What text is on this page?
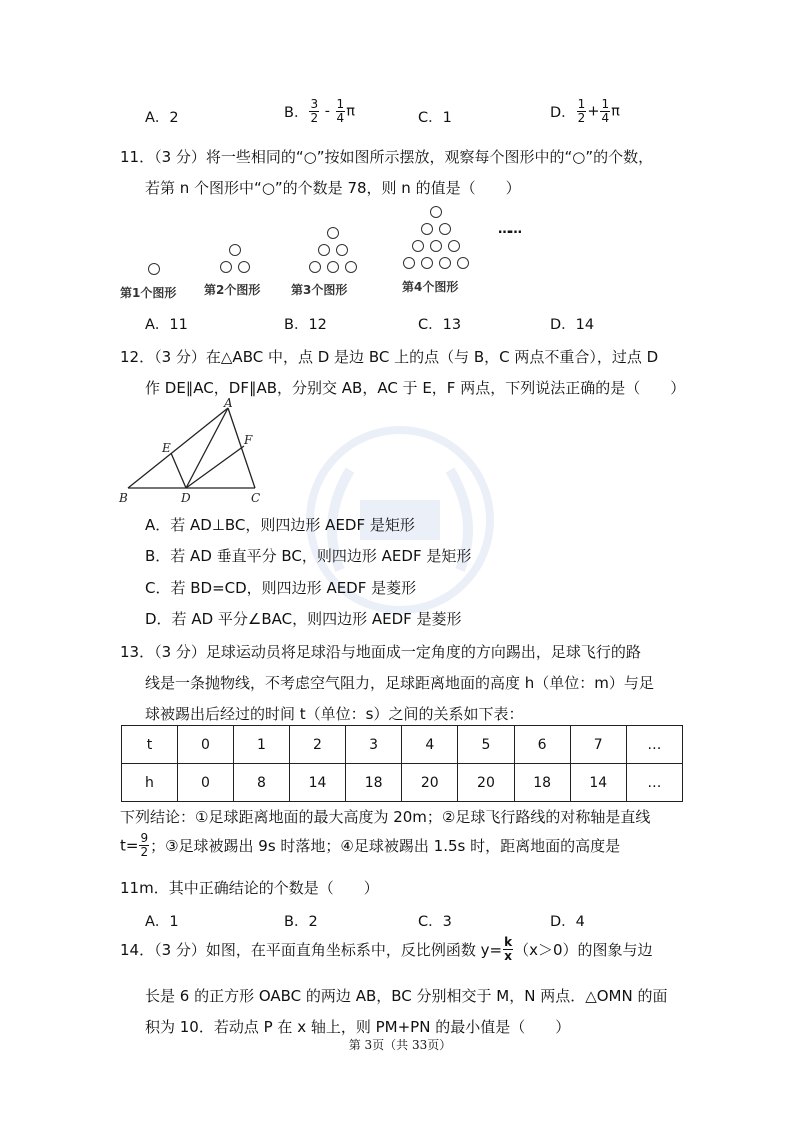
A．2	B． $\frac{3}{2} - \frac{1}{4}$ π	C．1	D． $\frac{1}{2} + \frac{1}{4}$ π
11．（3 分）将一些相同的“○”按如图所示摆放，观察每个图形中的“○”的个数，
若第 n 个图形中“○”的个数是 78，则 n 的值是（　　）
……
第1个图形 第2个图形	第3个图形	第4个图形
A．11	B．12	C．13	D．14
12．（3 分）在△ABC 中，点 D 是边 BC 上的点（与 B，C 两点不重合），过点 D
作 DE∥AC，DF∥AB，分别交 AB，AC 于 E，F 两点，下列说法正确的是（　　）
A
B	C
D
E
F
A．若 AD⊥BC，则四边形 AEDF 是矩形
B．若 AD 垂直平分 BC，则四边形 AEDF 是矩形
C．若 BD=CD，则四边形 AEDF 是菱形
D．若 AD 平分∠BAC，则四边形 AEDF 是菱形
13．（3 分）足球运动员将足球沿与地面成一定角度的方向踢出，足球飞行的路
线是一条抛物线，不考虑空气阻力，足球距离地面的高度 h（单位：m）与足
球被踢出后经过的时间 t（单位：s）之间的关系如下表：
t	0	1	2	3	4	5	6	7	…
h	0	8	14	18	20	20	18	14	…
下列结论：①足球距离地面的最大高度为 20m；②足球飞行路线的对称轴是直线
$t= \frac{9}{2}$ ；③足球被踢出 9s 时落地；④足球被踢出 1.5s 时，距离地面的高度是
11m．其中正确结论的个数是（　　）
A．1	B．2	C．3	D．4
14．（3 分）如图，在平面直角坐标系中，反比例函数 $y= \frac{k}{x} (x>0)$的图象与边
长是 6 的正方形 OABC 的两边 AB，BC 分别相交于 M，N 两点．△OMN 的面
积为 10．若动点 P 在 x 轴上，则 PM+PN 的最小值是（　　）
第 3页（共 33页）
